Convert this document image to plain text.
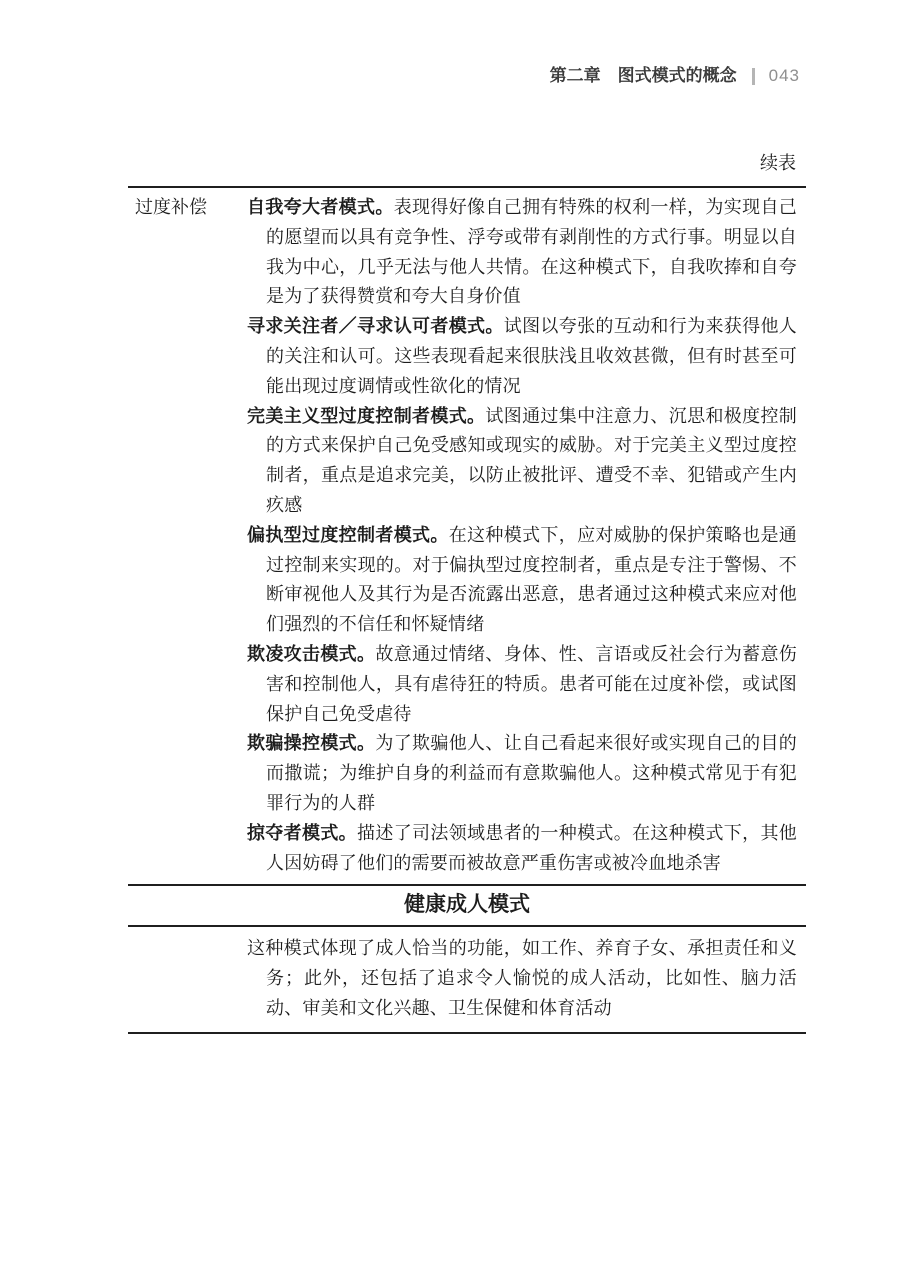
第二章 图式模式的概念 043
续表
过度补偿	自我夸大者模式。表现得好像自己拥有特殊的权利一样，为实现自己的愿望而以具有竞争性、浮夸或带有剥削性的方式行事。明显以自我为中心，几乎无法与他人共情。在这种模式下，自我吹捧和自夸是为了获得赞赏和夸大自身价值

寻求关注者／寻求认可者模式。试图以夸张的互动和行为来获得他人的关注和认可。这些表现看起来很肤浅且收效甚微，但有时甚至可能出现过度调情或性欲化的情况

完美主义型过度控制者模式。试图通过集中注意力、沉思和极度控制的方式来保护自己免受感知或现实的威胁。对于完美主义型过度控制者，重点是追求完美，以防止被批评、遭受不幸、犯错或产生内疚感

偏执型过度控制者模式。在这种模式下，应对威胁的保护策略也是通过控制来实现的。对于偏执型过度控制者，重点是专注于警惕、不断审视他人及其行为是否流露出恶意，患者通过这种模式来应对他们强烈的不信任和怀疑情绪

欺凌攻击模式。故意通过情绪、身体、性、言语或反社会行为蓄意伤害和控制他人，具有虐待狂的特质。患者可能在过度补偿，或试图保护自己免受虐待

欺骗操控模式。为了欺骗他人、让自己看起来很好或实现自己的目的而撒谎；为维护自身的利益而有意欺骗他人。这种模式常见于有犯罪行为的人群

掠夺者模式。描述了司法领域患者的一种模式。在这种模式下，其他人因妨碍了他们的需要而被故意严重伤害或被冷血地杀害

健康成人模式

这种模式体现了成人恰当的功能，如工作、养育子女、承担责任和义务；此外，还包括了追求令人愉悦的成人活动，比如性、脑力活动、审美和文化兴趣、卫生保健和体育活动
